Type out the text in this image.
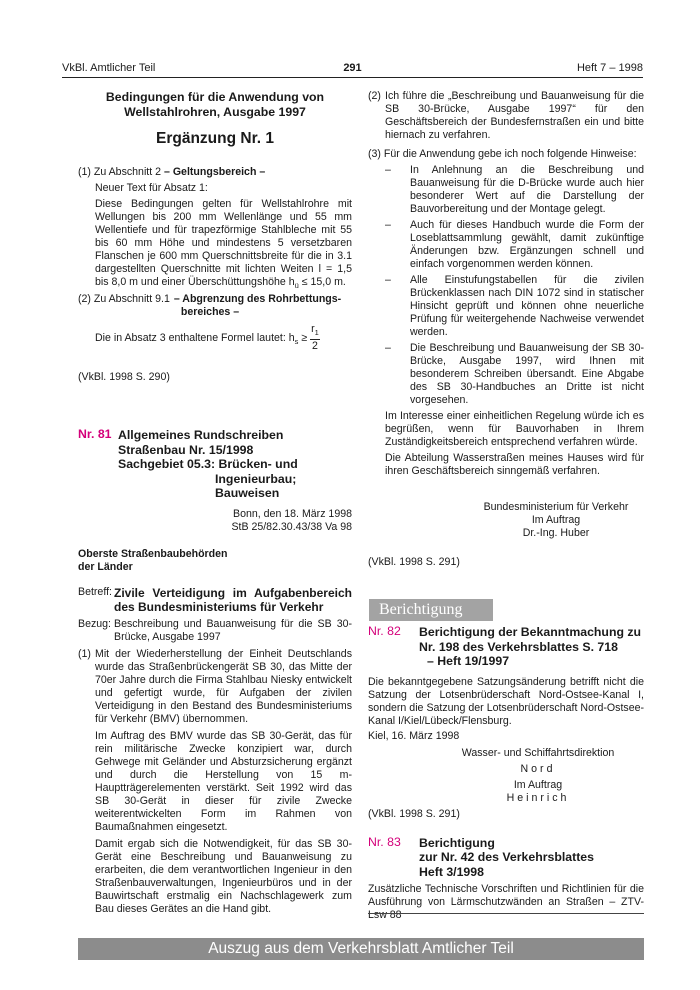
VkBl. Amtlicher Teil	291	Heft 7 – 1998

Bedingungen für die Anwendung von

Wellstahlrohren, Ausgabe 1997

Ergänzung Nr. 1

(1) Zu Abschnitt 2 – Geltungsbereich –

Neuer Text für Absatz 1:

Diese Bedingungen gelten für Wellstahlrohre mit Wellungen bis 200 mm Wellenlänge und 55 mm Wellentiefe und für trapezförmige Stahlbleche mit 55 bis 60 mm Höhe und mindestens 5 versetzbaren Flanschen je 600 mm Querschnittsbreite für die in 3.1 dargestellten Querschnitte mit lichten Weiten l = 1,5 bis 8,0 m und einer Überschüttungshöhe $h_ü \le 15,0$ m.

(2) Zu Abschnitt 9.1 – Abgrenzung des Rohrbettungs-
bereiches –

Die in Absatz 3 enthaltene Formel lautet: $h_s \ge \frac{r_1}{2}$

(VkBl. 1998 S. 290)

Nr. 81 Allgemeines Rundschreiben
Straßenbau Nr. 15/1998
Sachgebiet 05.3: Brücken- und
Ingenieurbau;
Bauweisen

Bonn, den 18. März 1998

StB 25/82.30.43/38 Va 98

Oberste Straßenbaubehörden

der Länder

Betreff: Zivile Verteidigung im Aufgabenbereich des Bundesministeriums für Verkehr
Bezug: Beschreibung und Bauanweisung für die SB 30-Brücke, Ausgabe 1997
(1) Mit der Wiederherstellung der Einheit Deutschlands wurde das Straßenbrückengerät SB 30, das Mitte der 70er Jahre durch die Firma Stahlbau Niesky entwickelt und gefertigt wurde, für Aufgaben der zivilen Verteidigung in den Bestand des Bundesministeriums für Verkehr (BMV) übernommen.

Im Auftrag des BMV wurde das SB 30-Gerät, das für rein militärische Zwecke konzipiert war, durch Gehwege mit Geländer und Absturzsicherung ergänzt und durch die Herstellung von 15 m-Hauptträgerelementen verstärkt. Seit 1992 wird das SB 30-Gerät in dieser für zivile Zwecke weiterentwickelten Form im Rahmen von Baumaßnahmen eingesetzt.

Damit ergab sich die Notwendigkeit, für das SB 30-Gerät eine Beschreibung und Bauanweisung zu erarbeiten, die dem verantwortlichen Ingenieur in den Straßenbauverwaltungen, Ingenieurbüros und in der Bauwirtschaft erstmalig ein Nachschlagewerk zum Bau dieses Gerätes an die Hand gibt.

(2) Ich führe die „Beschreibung und Bauanweisung für die SB 30-Brücke, Ausgabe 1997“ für den Geschäftsbereich der Bundesfernstraßen ein und bitte hiernach zu verfahren.

(3) Für die Anwendung gebe ich noch folgende Hinweise:

–	In Anlehnung an die Beschreibung und Bauanweisung für die D-Brücke wurde auch hier besonderer Wert auf die Darstellung der Bauvorbereitung und der Montage gelegt.
–	Auch für dieses Handbuch wurde die Form der Loseblattsammlung gewählt, damit zukünftige Änderungen bzw. Ergänzungen schnell und einfach vorgenommen werden können.
–	Alle Einstufungstabellen für die zivilen Brückenklassen nach DIN 1072 sind in statischer Hinsicht geprüft und können ohne neuerliche Prüfung für weitergehende Nachweise verwendet werden.
–	Die Beschreibung und Bauanweisung der SB 30-Brücke, Ausgabe 1997, wird Ihnen mit besonderem Schreiben übersandt. Eine Abgabe des SB 30-Handbuches an Dritte ist nicht vorgesehen.

Im Interesse einer einheitlichen Regelung würde ich es begrüßen, wenn für Bauvorhaben in Ihrem Zuständigkeitsbereich entsprechend verfahren würde.

Die Abteilung Wasserstraßen meines Hauses wird für ihren Geschäftsbereich sinngemäß verfahren.

Bundesministerium für Verkehr

Im Auftrag

Dr.-Ing. Huber

(VkBl. 1998 S. 291)

Berichtigung
Nr. 82	Berichtigung der Bekanntmachung zu
Nr. 198 des Verkehrsblattes S. 718
– Heft 19/1997

Die bekanntgegebene Satzungsänderung betrifft nicht die Satzung der Lotsenbrüderschaft Nord-Ostsee-Kanal I, sondern die Satzung der Lotsenbrüderschaft Nord-Ostsee-Kanal I/Kiel/Lübeck/Flensburg.

Kiel, 16. März 1998

Wasser- und Schiffahrtsdirektion

Nord

Im Auftrag

Heinrich

(VkBl. 1998 S. 291)

Nr. 83	Berichtigung
zur Nr. 42 des Verkehrsblattes
Heft 3/1998

Zusätzliche Technische Vorschriften und Richtlinien für die Ausführung von Lärmschutzwänden an Straßen – ZTV-Lsw 88

Auszug aus dem Verkehrsblatt Amtlicher Teil
